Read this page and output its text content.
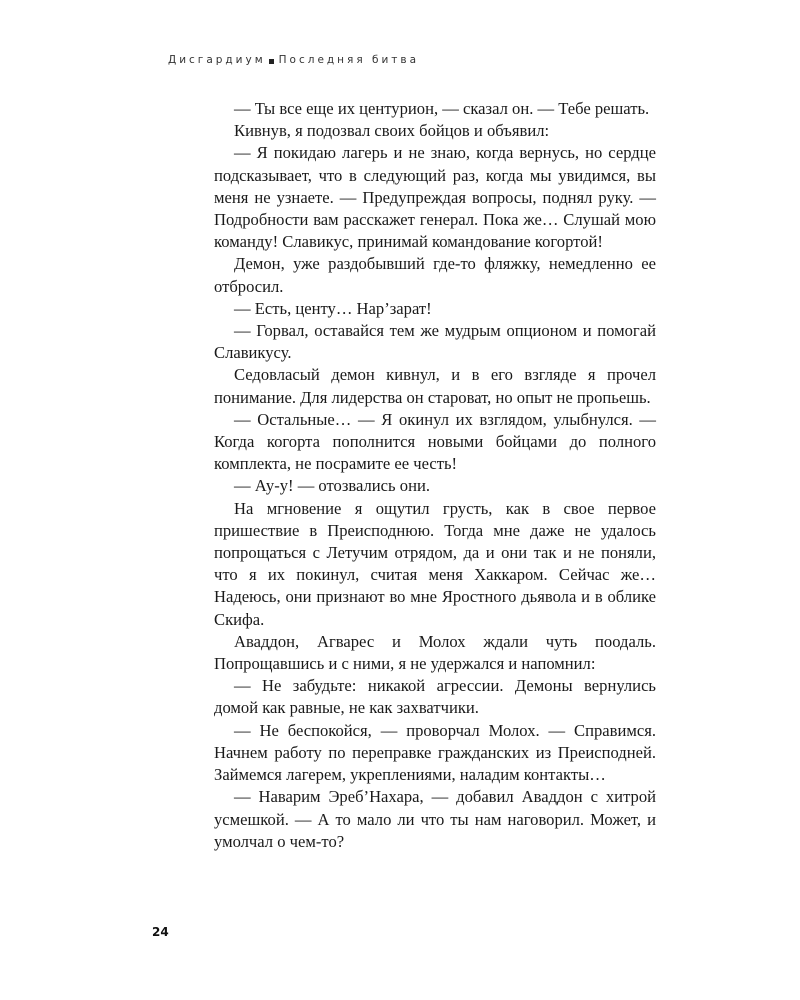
Дисгардиум Последняя битва

— Ты все еще их центурион, — сказал он. — Тебе решать.

Кивнув, я подозвал своих бойцов и объявил:

— Я покидаю лагерь и не знаю, когда вернусь, но сердце подсказывает, что в следующий раз, когда мы увидимся, вы меня не узнаете. — Предупреждая вопросы, поднял руку. — Подробности вам расскажет генерал. Пока же… Слушай мою команду! Славикус, принимай командование когортой!

Демон, уже раздобывший где-то фляжку, немедленно ее отбросил.

— Есть, центу… Нар’зарат!

— Горвал, оставайся тем же мудрым опционом и помогай Славикусу.

Седовласый демон кивнул, и в его взгляде я прочел понимание. Для лидерства он староват, но опыт не пропьешь.

— Остальные… — Я окинул их взглядом, улыбнулся. — Когда когорта пополнится новыми бойцами до полного комплекта, не посрамите ее честь!

— Ау-у! — отозвались они.

На мгновение я ощутил грусть, как в свое первое пришествие в Преисподнюю. Тогда мне даже не удалось попрощаться с Летучим отрядом, да и они так и не поняли, что я их покинул, считая меня Хаккаром. Сейчас же… Надеюсь, они признают во мне Яростного дьявола и в облике Скифа.

Аваддон, Агварес и Молох ждали чуть поодаль. Попрощавшись и с ними, я не удержался и напомнил:

— Не забудьте: никакой агрессии. Демоны вернулись домой как равные, не как захватчики.

— Не беспокойся, — проворчал Молох. — Справимся. Начнем работу по переправке гражданских из Преисподней. Займемся лагерем, укреплениями, наладим контакты…

— Наварим Эреб’Нахара, — добавил Аваддон с хитрой усмешкой. — А то мало ли что ты нам наговорил. Может, и умолчал о чем-то?

24
